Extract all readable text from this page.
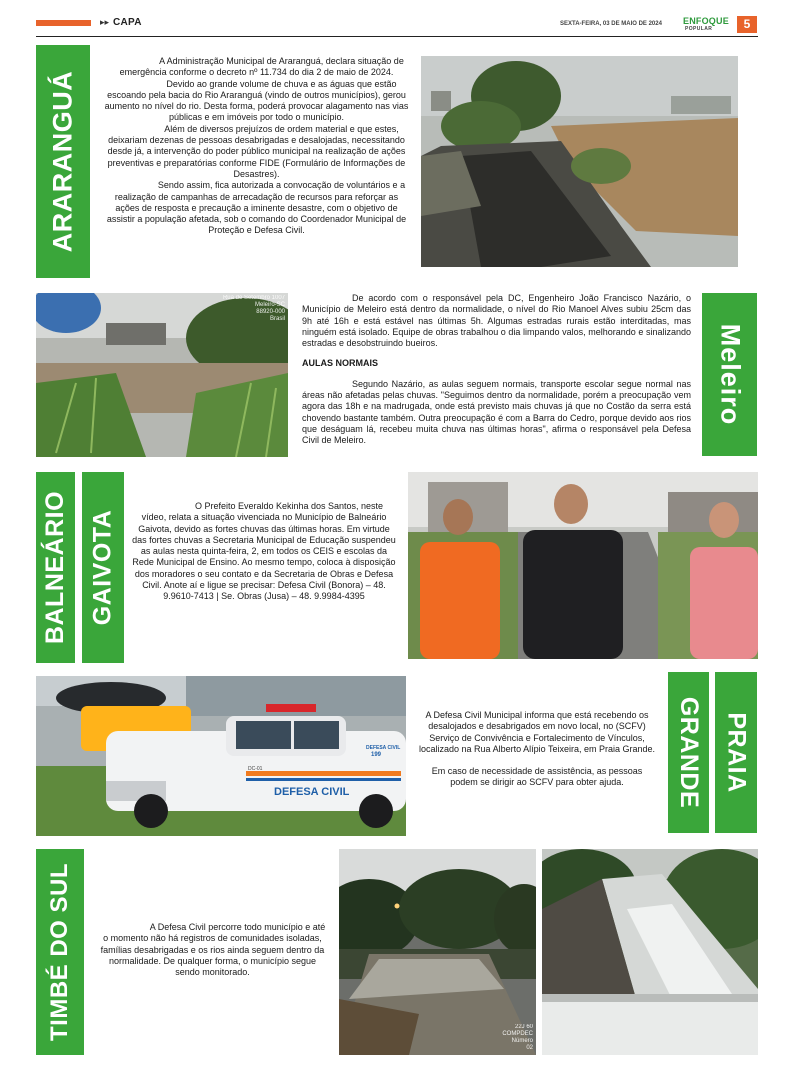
▸▸ CAPA	SEXTA-FEIRA, 03 DE MAIO DE 2024 ENFOQUE
POPULAR	5
ARARANGUÁ

A Administração Municipal de Araranguá, declara situação de emergência conforme o decreto nº 11.734 do dia 2 de maio de 2024.

Devido ao grande volume de chuva e as águas que estão escoando pela bacia do Rio Araranguá (vindo de outros municípios), gerou aumento no nível do rio. Desta forma, poderá provocar alagamento nas vias públicas e em imóveis por todo o município.

Além de diversos prejuízos de ordem material e que estes, deixariam dezenas de pessoas desabrigadas e desalojadas, necessitando desde já, a intervenção do poder público municipal na realização de ações preventivas e preparatórias conforme FIDE (Formulário de Informações de Desastres).

Sendo assim, fica autorizada a convocação de voluntários e a realização de campanhas de arrecadação de recursos para reforçar as ações de resposta e precaução a iminente desastre, com o objetivo de assistir a população afetada, sob o comando do Coordenador Municipal de Proteção e Defesa Civil.

Rua de Setembro 1007
Meleiro-SC
88920-000
Brasil

De acordo com o responsável pela DC, Engenheiro João Francisco Nazário, o Município de Meleiro está dentro da normalidade, o nível do Rio Manoel Alves subiu 25cm das 9h até 16h e está estável nas últimas 5h. Algumas estradas rurais estão interditadas, mas ninguém está isolado. Equipe de obras trabalhou o dia limpando valos, melhorando e sinalizando estradas e desobstruindo bueiros.

AULAS NORMAIS

Segundo Nazário, as aulas seguem normais, transporte escolar segue normal nas áreas não afetadas pelas chuvas. "Seguimos dentro da normalidade, porém a preocupação vem agora das 18h e na madrugada, onde está previsto mais chuvas já que no Costão da serra está chovendo bastante também. Outra preocupação é com a Barra do Cedro, porque devido aos rios que deságuam lá, recebeu muita chuva nas últimas horas", afirma o responsável pela Defesa Civil de Meleiro.

Meleiro
BALNEÁRIO GAIVOTA

O Prefeito Everaldo Kekinha dos Santos, neste vídeo, relata a situação vivenciada no Município de Balneário Gaivota, devido as fortes chuvas das últimas horas. Em virtude das fortes chuvas a Secretaria Municipal de Educação suspendeu as aulas nesta quinta-feira, 2, em todos os CEIS e escolas da Rede Municipal de Ensino. Ao mesmo tempo, coloca à disposição dos moradores o seu contato e da Secretaria de Obras e Defesa Civil. Anote aí e ligue se precisar: Defesa Civil (Bonora) – 48. 9.9610-7413 | Se. Obras (Jusa) – 48. 9.9984-4395

DEFESA CIVIL
DEFESA CIVIL
199
DC-01

A Defesa Civil Municipal informa que está recebendo os desalojados e desabrigados em novo local, no (SCFV) Serviço de Convivência e Fortalecimento de Vínculos, localizado na Rua Alberto Alípio Teixeira, em Praia Grande.

Em caso de necessidade de assistência, as pessoas podem se dirigir ao SCFV para obter ajuda.	GRANDE PRAIA
TIMBÉ DO SUL	A Defesa Civil percorre todo município e até o momento não há registros de comunidades isoladas, famílias desabrigadas e os rios ainda seguem dentro da normalidade. De qualquer forma, o município segue sendo monitorado.

22J 60
COMPDEC
Número
02
